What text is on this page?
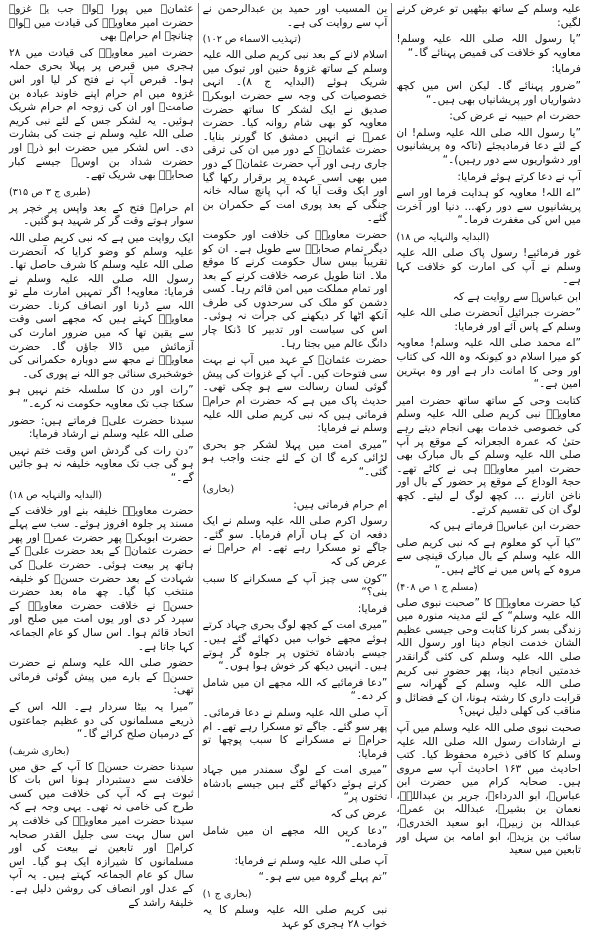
علیہ وسلم کے ساتھ بیٹھیں تو عرض کرنے لگیں:
”یا رسول اللہ صلی اللہ علیہ وسلم! معاویہ کو خلافت کی قمیص پہنائے گا۔“
فرمایا:
”ضرور پہنائے گا۔ لیکن اس میں کچھ دشواریاں اور پریشانیاں بھی ہیں۔“
حضرت ام حبیبہ نے عرض کی:
”یا رسول اللہ صلی اللہ علیہ وسلم! ان کے لئے دعا فرمادیجئے (تاکہ وہ پریشانیوں اور دشواریوں سے دور رہیں)۔“
آپ نے دعا کرتے ہوئے فرمایا:
”اے اللہ! معاویہ کو ہدایت فرما اور اسے پریشانیوں سے دور رکھ... دنیا اور آخرت میں اس کی مغفرت فرما۔“
(البدایہ والنہایہ ص ۱۸)
غور فرمائیے! رسول پاک صلی اللہ علیہ وسلم نے آپ کی امارت کو خلافت کہا ہے۔
ابن عباسؓ سے روایت ہے کہ
”حضرت جبرائیل آنحضرت صلی اللہ علیہ وسلم کے پاس آئے اور فرمایا:
”اے محمد صلی اللہ علیہ وسلم! معاویہ کو میرا اسلام دو کیونکہ وہ اللہ کی کتاب اور وحی کا امانت دار ہے اور وہ بہترین امین ہے۔“
کتابت وحی کے ساتھ ساتھ حضرت امیر معاویہؓ نبی کریم صلی اللہ علیہ وسلم کی خصوصی خدمات بھی انجام دیتے رہے حتیٰ کہ عمرہ الجعرانہ کے موقع پر آپ صلی اللہ علیہ وسلم کے بال مبارک بھی حضرت امیر معاویہؓ ہی نے کاٹے تھے۔ حجۃ الوداع کے موقع پر حضور کے بال اور ناخن اتارنے ... کچھ لوگ لے لیتے۔ کچھ لوگ ان کی تقسیم کرتے۔
حضرت ابن عباسؓ فرماتے ہیں کہ
”کیا آپ کو معلوم ہے کہ نبی کریم صلی اللہ علیہ وسلم کے بال مبارک قینچی سے مروہ کے پاس میں نے کاٹے ہیں۔“
(مسلم ج ۱ ص ۴۰۸)
کیا حضرت معاویہؓ کا ”صحبت نبوی صلی اللہ علیہ وسلم“ کے لئے مدینہ منورہ میں زندگی بسر کرنا کتابت وحی جیسی عظیم الشان خدمت انجام دینا اور رسول اللہ صلی اللہ علیہ وسلم کی کئی گرانقدر خدمتیں انجام دینا، پھر حضور نبی کریم صلی اللہ علیہ وسلم کے گھرانہ سے قرابت داری کا رشتہ ہونا، ان کے فضائل و مناقب کی کھلی دلیل نہیں؟
صحبت نبوی صلی اللہ علیہ وسلم میں آپ نے ارشادات رسول اللہ صلی اللہ علیہ وسلم کا کافی ذخیرہ محفوظ کیا۔ کتب احادیث میں ۱۶۳ احادیث آپ سے مروی ہیں۔ صحابہ کرام میں حضرت ابن عباسؓ، ابو الدرداءؓ، جریر بن عبداللہؓ، نعمان بن بشیرؓ، عبداللہ بن عمرؓ، عبداللہ بن زبیرؓ، ابو سعید الخدریؓ، سائب بن یزیدؓ، ابو امامہ بن سہل اور تابعین میں سعید
بن المسیب اور حمید بن عبدالرحمن نے آپ سے روایت کی ہے۔
(تہذیب الاسماء ص ۱۰۲)
اسلام لانے کے بعد نبی کریم صلی اللہ علیہ وسلم کے ساتھ غزوۂ حنین اور تبوک میں شریک ہوئے (البدایہ ج ۸)۔ انہی خصوصیات کی وجہ سے حضرت ابوبکرؓ صدیق نے ایک لشکر کا ساتھ حضرت معاویہ کو بھی شام روانہ کیا۔ حضرت عمرؓ نے انہیں دمشق کا گورنر بنایا۔ حضرت عثمانؓ کے دور میں ان کی ترقی جاری رہی اور آپ حضرت عثمانؓ کے دور میں بھی اسی عہدہ پر برقرار رکھا گیا اور ایک وقت آیا کہ آپ پانچ سالہ خانہ جنگی کے بعد پوری امت کے حکمران بن گئے۔
حضرت معاویہؓ کی خلافت اور حکومت دیگر تمام صحابہؓ سے طویل ہے۔ ان کو تقریباً بیس سال حکومت کرنے کا موقع ملا۔ اتنا طویل عرصہ خلافت کرنے کے بعد اور تمام مملکت میں امن قائم رہا۔ کسی دشمن کو ملک کی سرحدوں کی طرف آنکھ اٹھا کر دیکھنے کی جرأت نہ ہوئی۔ اس کی سیاست اور تدبیر کا ڈنکا چار دانگ عالم میں بجتا رہا۔
حضرت عثمانؓ کے عہد میں آپ نے بہت سی فتوحات کیں۔ آپ کے غزوات کی پیش گوئی لسان رسالت سے ہو چکی تھی۔ حدیث پاک میں ہے کہ حضرت ام حرامؓ فرماتی ہیں کہ نبی کریم صلی اللہ علیہ وسلم نے فرمایا:
”میری امت میں پہلا لشکر جو بحری لڑائی کرے گا ان کے لئے جنت واجب ہو گئی۔“
(بخاری)
ام حرام فرماتی ہیں:
رسول اکرم صلی اللہ علیہ وسلم نے ایک دفعہ ان کے ہاں آرام فرمایا۔ سو گئے۔ جاگے تو مسکرا رہے تھے۔ ام حرامؓ نے عرض کی کہ
”کون سی چیز آپ کے مسکرانے کا سبب بنی؟“
فرمایا:
”میری امت کے کچھ لوگ بحری جہاد کرتے ہوئے مجھے خواب میں دکھائے گئے ہیں۔ جیسے بادشاہ تختوں پر جلوہ گر ہوتے ہیں۔ انہیں دیکھ کر خوش ہوا ہوں۔“
”دعا فرمائیے کہ اللہ مجھے ان میں شامل کر دے۔“
آپ صلی اللہ علیہ وسلم نے دعا فرمائی۔ پھر سو گئے۔ جاگے تو مسکرا رہے تھے۔ ام حرامؓ نے مسکرانے کا سبب پوچھا تو فرمایا:
”میری امت کے لوگ سمندر میں جہاد کرتے ہوئے دکھائے گئے ہیں جیسے بادشاہ تختوں پر“
عرض کی کہ
”دعا کریں اللہ مجھے ان میں شامل فرمادے۔“
آپ صلی اللہ علیہ وسلم نے فرمایا:
”تم پہلے گروہ میں سے ہو۔“
(بخاری ج ۱)
نبی کریم صلی اللہ علیہ وسلم کا یہ خواب ۲۸ ہجری کو عہد
عثمانؓ میں پورا ہوا۔ جب یہ غزوہ حضرت امیر معاویہؓ کی قیادت میں ہوا۔ چنانچہ ام حرامؓ بھی
حضرت امیر معاویہؓ کی قیادت میں ۲۸ ہجری میں قبرص پر پہلا بحری حملہ ہوا۔ قبرص آپ نے فتح کر لیا اور اس غزوہ میں ام حرام اپنے خاوند عبادہ بن صامتؓ اور ان کی زوجہ ام حرام شریک ہوئیں۔ یہ لشکر جس کے لئے نبی کریم صلی اللہ علیہ وسلم نے جنت کی بشارت دی۔ اس لشکر میں حضرت ابو ذرؓ اور حضرت شداد بن اوسؓ جیسے کبار صحابہؓ بھی شریک تھے۔
(طبری ج ۳ ص ۳۱۵)
ام حرامؓ فتح کے بعد واپس پر خچر پر سوار ہوتے وقت گر کر شہید ہو گئیں۔
ایک روایت میں ہے کہ نبی کریم صلی اللہ علیہ وسلم کو وضو کرایا کہ آنحضرت صلی اللہ علیہ وسلم کا شرف حاصل تھا۔ رسول اللہ صلی اللہ علیہ وسلم نے فرمایا: معاویہ! اگر تمہیں امارت ملے تو اللہ سے ڈرنا اور انصاف کرنا۔ حضرت معاویہؓ کہتے ہیں کہ مجھے اسی وقت سے یقین تھا کہ میں ضرور امارت کی آزمائش میں ڈالا جاؤں گا۔ حضرت معاویہؓ نے مجھ سے دوبارہ حکمرانی کی خوشخبری سنائی جو اللہ نے پوری کی۔
”رات اور دن کا سلسلہ ختم نہیں ہو سکتا جب تک معاویہ حکومت نہ کرے۔“
سیدنا حضرت علیؓ فرماتے ہیں: حضور صلی اللہ علیہ وسلم نے ارشاد فرمایا:
”دن رات کی گردش اس وقت ختم نہیں ہو گی جب تک معاویہ خلیفہ نہ ہو جائیں گے۔“
(البدایہ والنہایہ ص ۱۸)
حضرت معاویہؓ خلیفہ بنے اور خلافت کے مسند پر جلوہ افروز ہوئے۔ سب سے پہلے حضرت ابوبکرؓ پھر حضرت عمرؓ اور پھر حضرت عثمانؓ کے بعد حضرت علیؓ کے ہاتھ پر بیعت ہوئی۔ حضرت علیؓ کی شہادت کے بعد حضرت حسنؓ کو خلیفہ منتخب کیا گیا۔ چھ ماہ بعد حضرت حسنؓ نے خلافت حضرت معاویہؓ کے سپرد کر دی اور یوں امت میں صلح اور اتحاد قائم ہوا۔ اس سال کو عام الجماعہ کہا جاتا ہے۔
حضور صلی اللہ علیہ وسلم نے حضرت حسنؓ کے بارے میں پیش گوئی فرمائی تھی:
”میرا یہ بیٹا سردار ہے۔ اللہ اس کے ذریعے مسلمانوں کی دو عظیم جماعتوں کے درمیان صلح کرائے گا۔“
(بخاری شریف)
سیدنا حضرت حسنؓ کا آپ کے حق میں خلافت سے دستبردار ہونا اس بات کا ثبوت ہے کہ آپ کی خلافت میں کسی طرح کی خامی نہ تھی۔ یہی وجہ ہے کہ سیدنا حضرت امیر معاویہؓ کی خلافت پر اس سال بہت سی جلیل القدر صحابہ کرامؓ اور تابعین نے بیعت کی اور مسلمانوں کا شیرازہ ایک ہو گیا۔ اس سال کو عام الجماعہ کہتے ہیں۔ یہ آپ کے عدل اور انصاف کی روشن دلیل ہے۔ خلیفۂ راشد کے
